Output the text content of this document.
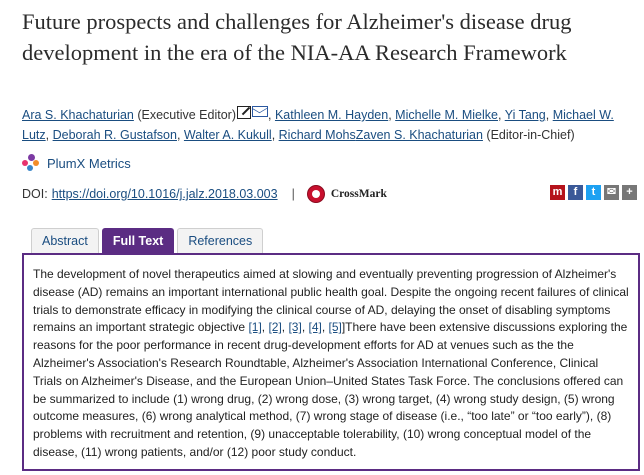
Future prospects and challenges for Alzheimer's disease drug development in the era of the NIA-AA Research Framework
Ara S. Khachaturian (Executive Editor)	, Kathleen M. Hayden, Michelle M. Mielke, Yi Tang, Michael W. Lutz, Deborah R. Gustafson, Walter A. Kukull, Richard MohsZaven S. Khachaturian (Editor-in-Chief)
PlumX Metrics
DOI: https://doi.org/10.1016/j.jalz.2018.03.003 |	CrossMark	m	f	t	✉ +
Abstract	Full Text	References
The development of novel therapeutics aimed at slowing and eventually preventing progression of Alzheimer's disease (AD) remains an important international public health goal. Despite the ongoing recent failures of clinical trials to demonstrate efficacy in modifying the clinical course of AD, delaying the onset of disabling symptoms remains an important strategic objective [1], [2], [3], [4], [5]]There have been extensive discussions exploring the reasons for the poor performance in recent drug-development efforts for AD at venues such as the the Alzheimer's Association's Research Roundtable, Alzheimer's Association International Conference, Clinical Trials on Alzheimer's Disease, and the European Union–United States Task Force. The conclusions offered can be summarized to include (1) wrong drug, (2) wrong dose, (3) wrong target, (4) wrong study design, (5) wrong outcome measures, (6) wrong analytical method, (7) wrong stage of disease (i.e., “too late” or “too early”), (8) problems with recruitment and retention, (9) unacceptable tolerability, (10) wrong conceptual model of the disease, (11) wrong patients, and/or (12) poor study conduct.
